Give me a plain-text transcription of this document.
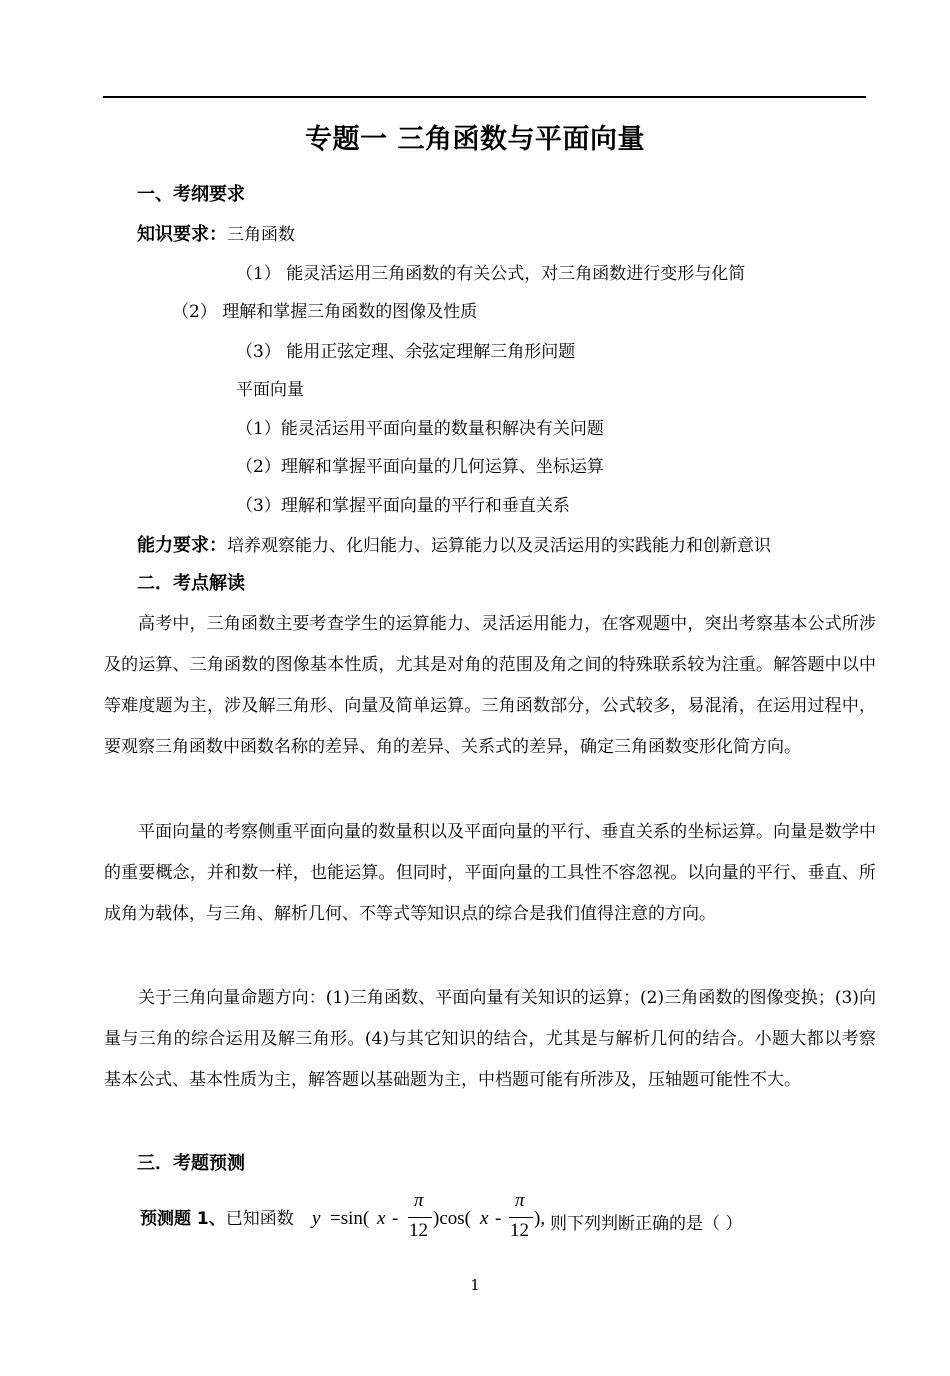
专题一 三角函数与平面向量
一、考纲要求
知识要求：三角函数
（1） 能灵活运用三角函数的有关公式，对三角函数进行变形与化简
（2） 理解和掌握三角函数的图像及性质
（3） 能用正弦定理、余弦定理解三角形问题
平面向量
（1）能灵活运用平面向量的数量积解决有关问题
（2）理解和掌握平面向量的几何运算、坐标运算
（3）理解和掌握平面向量的平行和垂直关系
能力要求：培养观察能力、化归能力、运算能力以及灵活运用的实践能力和创新意识
二．考点解读
高考中，三角函数主要考查学生的运算能力、灵活运用能力，在客观题中，突出考察基本公式所涉及的运算、三角函数的图像基本性质，尤其是对角的范围及角之间的特殊联系较为注重。解答题中以中等难度题为主，涉及解三角形、向量及简单运算。三角函数部分，公式较多，易混淆，在运用过程中，要观察三角函数中函数名称的差异、角的差异、关系式的差异，确定三角函数变形化简方向。
平面向量的考察侧重平面向量的数量积以及平面向量的平行、垂直关系的坐标运算。向量是数学中的重要概念，并和数一样，也能运算。但同时，平面向量的工具性不容忽视。以向量的平行、垂直、所成角为载体，与三角、解析几何、不等式等知识点的综合是我们值得注意的方向。
关于三角向量命题方向：(1)三角函数、平面向量有关知识的运算；(2)三角函数的图像变换；(3)向量与三角的综合运用及解三角形。(4)与其它知识的结合，尤其是与解析几何的结合。小题大都以考察基本公式、基本性质为主，解答题以基础题为主，中档题可能有所涉及，压轴题可能性不大。
三．考题预测
预测题 1、已知函数 y =sin( x -
π
12
)cos( x -
π
12
), 则下列判断正确的是（ ）
1
